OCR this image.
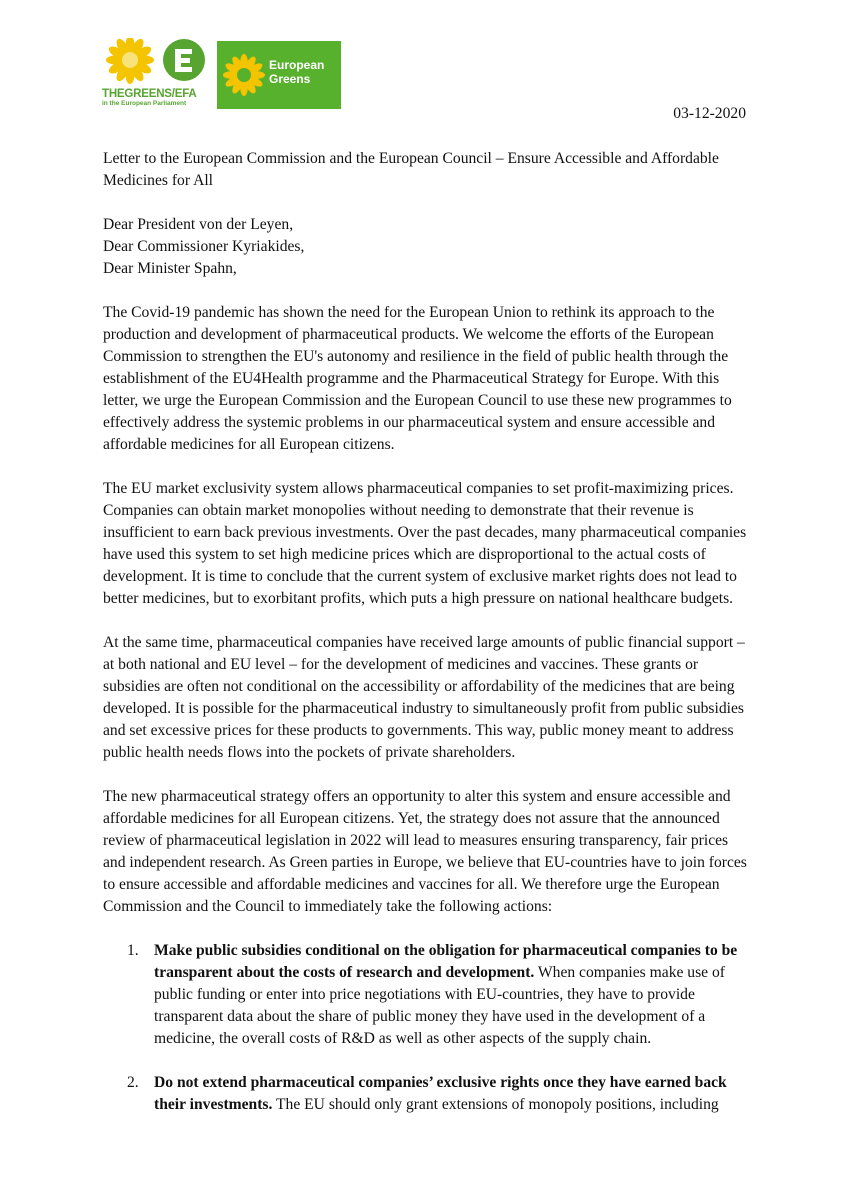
THEGREENS/EFA
in the European Parliament
European
Greens
03-12-2020

Letter to the European Commission and the European Council – Ensure Accessible and Affordable Medicines for All

Dear President von der Leyen,

Dear Commissioner Kyriakides,

Dear Minister Spahn,

The Covid-19 pandemic has shown the need for the European Union to rethink its approach to the production and development of pharmaceutical products. We welcome the efforts of the European Commission to strengthen the EU's autonomy and resilience in the field of public health through the establishment of the EU4Health programme and the Pharmaceutical Strategy for Europe. With this letter, we urge the European Commission and the European Council to use these new programmes to effectively address the systemic problems in our pharmaceutical system and ensure accessible and affordable medicines for all European citizens.

The EU market exclusivity system allows pharmaceutical companies to set profit-maximizing prices. Companies can obtain market monopolies without needing to demonstrate that their revenue is insufficient to earn back previous investments. Over the past decades, many pharmaceutical companies have used this system to set high medicine prices which are disproportional to the actual costs of development. It is time to conclude that the current system of exclusive market rights does not lead to better medicines, but to exorbitant profits, which puts a high pressure on national healthcare budgets.

At the same time, pharmaceutical companies have received large amounts of public financial support – at both national and EU level – for the development of medicines and vaccines. These grants or subsidies are often not conditional on the accessibility or affordability of the medicines that are being developed. It is possible for the pharmaceutical industry to simultaneously profit from public subsidies and set excessive prices for these products to governments. This way, public money meant to address public health needs flows into the pockets of private shareholders.

The new pharmaceutical strategy offers an opportunity to alter this system and ensure accessible and affordable medicines for all European citizens. Yet, the strategy does not assure that the announced review of pharmaceutical legislation in 2022 will lead to measures ensuring transparency, fair prices and independent research. As Green parties in Europe, we believe that EU-countries have to join forces to ensure accessible and affordable medicines and vaccines for all. We therefore urge the European Commission and the Council to immediately take the following actions:

1. Make public subsidies conditional on the obligation for pharmaceutical companies to be transparent about the costs of research and development. When companies make use of public funding or enter into price negotiations with EU-countries, they have to provide transparent data about the share of public money they have used in the development of a medicine, the overall costs of R&D as well as other aspects of the supply chain.
2. Do not extend pharmaceutical companies’ exclusive rights once they have earned back their investments. The EU should only grant extensions of monopoly positions, including
